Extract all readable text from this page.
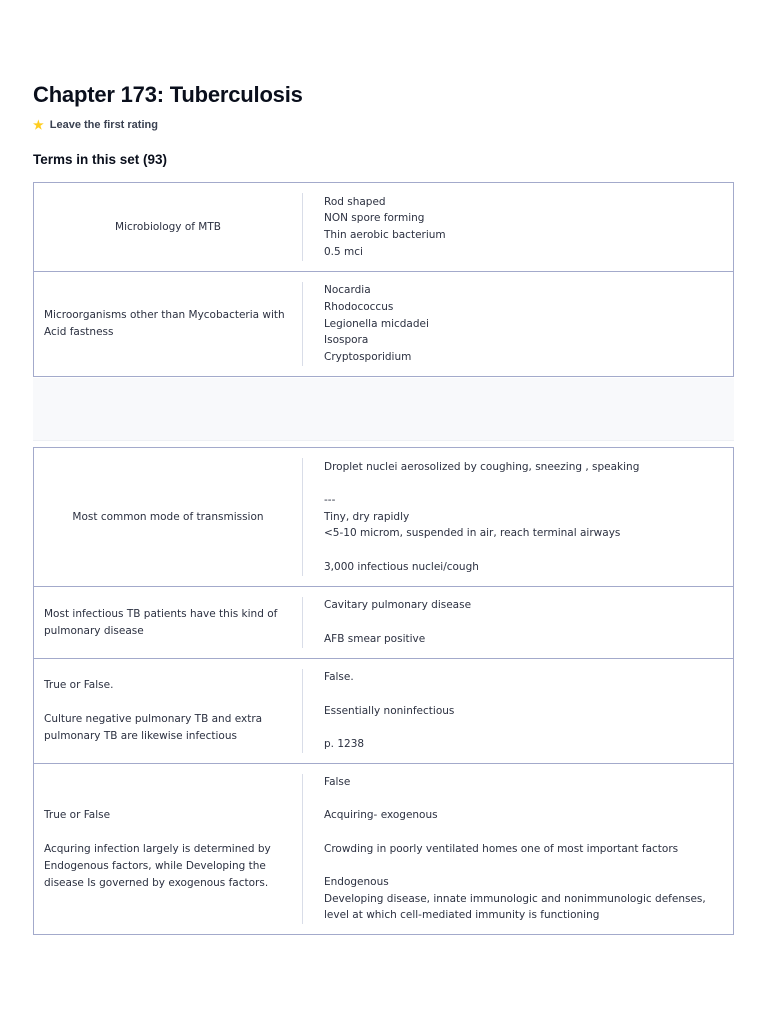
Chapter 173: Tuberculosis
★ Leave the first rating
Terms in this set (93)
Microbiology of MTB
Rod shaped
NON spore forming
Thin aerobic bacterium
0.5 mci
Microorganisms other than Mycobacteria with Acid fastness
Nocardia
Rhodococcus
Legionella micdadei
Isospora
Cryptosporidium
Most common mode of transmission
Droplet nuclei aerosolized by coughing, sneezing , speaking

---
Tiny, dry rapidly
<5-10 microm, suspended in air, reach terminal airways

3,000 infectious nuclei/cough
Most infectious TB patients have this kind of pulmonary disease
Cavitary pulmonary disease

AFB smear positive
True or False.

Culture negative pulmonary TB and extra pulmonary TB are likewise infectious
False.

Essentially noninfectious

p. 1238
True or False

Acquring infection largely is determined by Endogenous factors, while Developing the disease Is governed by exogenous factors.
False

Acquiring- exogenous

Crowding in poorly ventilated homes one of most important factors

Endogenous
Developing disease, innate immunologic and nonimmunologic defenses, level at which cell-mediated immunity is functioning
